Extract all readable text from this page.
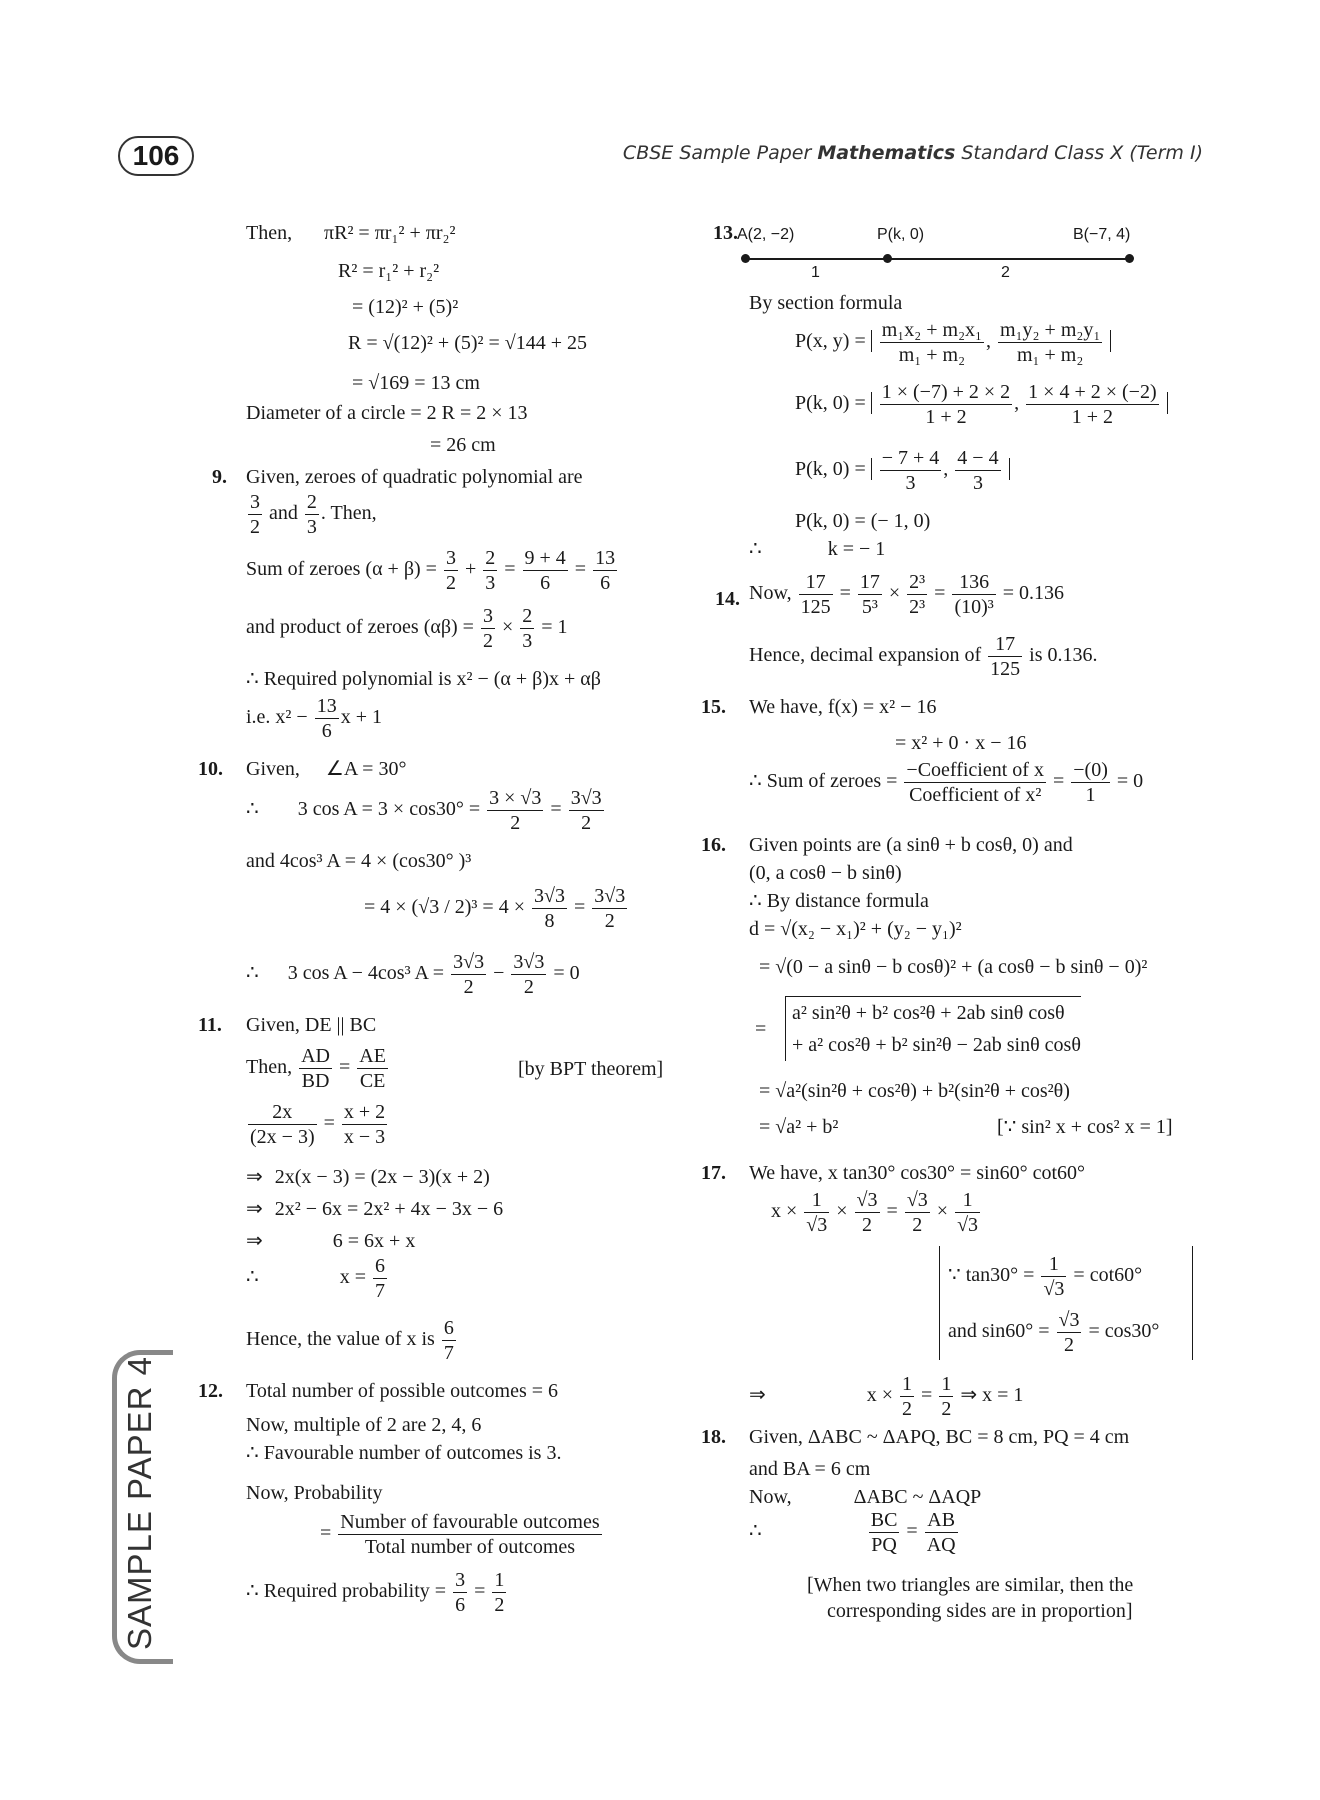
106	CBSE Sample Paper Mathematics Standard Class X (Term I)
SAMPLE PAPER 4
Then, πR² = πr₁² + πr₂²
R² = r₁² + r₂²
= (12)² + (5)²
R = √(12)² + (5)² = √144 + 25
= √169 = 13 cm
Diameter of a circle = 2 R = 2 × 13
= 26 cm
9. Given, zeroes of quadratic polynomial are
$\frac{3}{2}$ and $\frac{2}{3}$ . Then,
Sum of zeroes $(\alpha + \beta) = \frac{3}{2} + \frac{2}{3} = \frac{9 + 4}{6} = \frac{13}{6}$
and product of zeroes $(\alpha\beta) = \frac{3}{2} \times \frac{2}{3} = 1$
∴ Required polynomial is x² − (α + β)x + αβ
i.e. $x^2 - \frac{13}{6}$ x + 1
10. Given, ∠A = 30°
∴ 3 $\cos A = 3 \times \cos 30^\circ = \frac{3 \times √3}{2} = \frac{3√3}{2}$
and 4cos³ A = 4 × (cos30° )³
= $4 \times (√3 / 2)^3 = 4 \times \frac{3√3}{8} = \frac{3√3}{2}$
∴ 3 cos A − 4cos³ $A = \frac{3√3}{2} - \frac{3√3}{2} = 0$
11. Given, DE || BC
Then, $\frac{AD}{BD} = \frac{AE}{CE}$	[by BPT theorem]
$\frac{2x}{(2x - 3)} = \frac{x + 2}{x - 3}$
⇒ 2x(x − 3) = (2x − 3)(x + 2)
⇒ 2x² − 6x = 2x² + 4x − 3x − 6
⇒	6 = 6x + x
∴	$x = \frac{6}{7}$
Hence, the value of x is $\frac{6}{7}$
12. Total number of possible outcomes = 6
Now, multiple of 2 are 2, 4, 6
∴ Favourable number of outcomes is 3.
Now, Probability
= $\frac{\text{Number of favourable outcomes}}{\text{Total number of outcomes}}$
∴ Required probability = $\frac{3}{6} = \frac{1}{2}$
13. A(2, −2)	P(k, 0)	B(−7, 4)
1	2
By section formula
P(x, $y) = \frac{\text{m₁x₂ + m₂x₁}}{\text{m₁ + m₂}}$ , $\frac{\text{m₁y₂ + m₂y₁}}{\text{m₁ + m₂}}$
P(k, $0) = \frac{1 \times (-7) + 2 \times 2}{1 + 2}$ , $\frac{1 \times 4 + 2 \times (-2)}{1 + 2}$
P(k, $0) = \frac{- 7 + 4}{3}$ , $\frac{4 - 4}{3}$
P(k, 0) = (− 1, 0)
∴	k = − 1
14. Now, $\frac{17}{125} = \frac{17}{\text{5³}} \times \frac{\text{2³}}{\text{2³}} = \frac{136}{\text{(10)³}} = 0.136$
Hence, decimal expansion of $\frac{17}{125}$ is 0.136.
15. We have, f(x) = x² − 16
= x² + 0 · x − 16
∴ Sum of zeroes = $\frac{\text{−Coefficient of x}}{\text{Coefficient of x²}} = \frac{-(0)}{1} = 0$
16. Given points are (a sinθ + b cosθ, 0) and
(0, a cosθ − b sinθ)
∴ By distance formula
d = √(x₂ − x₁)² + (y₂ − y₁)²
= √(0 − a sinθ − b cosθ)² + (a cosθ − b sinθ − 0)²
=
a² sin²θ + b² cos²θ + 2ab sinθ cosθ
+ a² cos²θ + b² sin²θ − 2ab sinθ cosθ
= √a²(sin²θ + cos²θ) + b²(sin²θ + cos²θ)
= √a² + b²	[∵ sin² x + cos² x = 1]
17. We have, x tan30° cos30° = sin60° cot60°
$x \times \frac{1}{√3} \times \frac{√3}{2} = \frac{√3}{2} \times \frac{1}{√3}$
∵ $\tan 30^\circ = \frac{1}{√3} = \cot 60^\circ$
and $\sin 60^\circ = \frac{√3}{2} = \cos 30^\circ$
⇒	$x \times \frac{1}{2} = \frac{1}{2}$ ⇒ x = 1
18. Given, ΔABC ~ ΔAPQ, BC = 8 cm, PQ = 4 cm
and BA = 6 cm
Now,	ΔABC ~ ΔAQP
∴	$\frac{BC}{PQ} = \frac{AB}{AQ}$
[When two triangles are similar, then the
corresponding sides are in proportion]
